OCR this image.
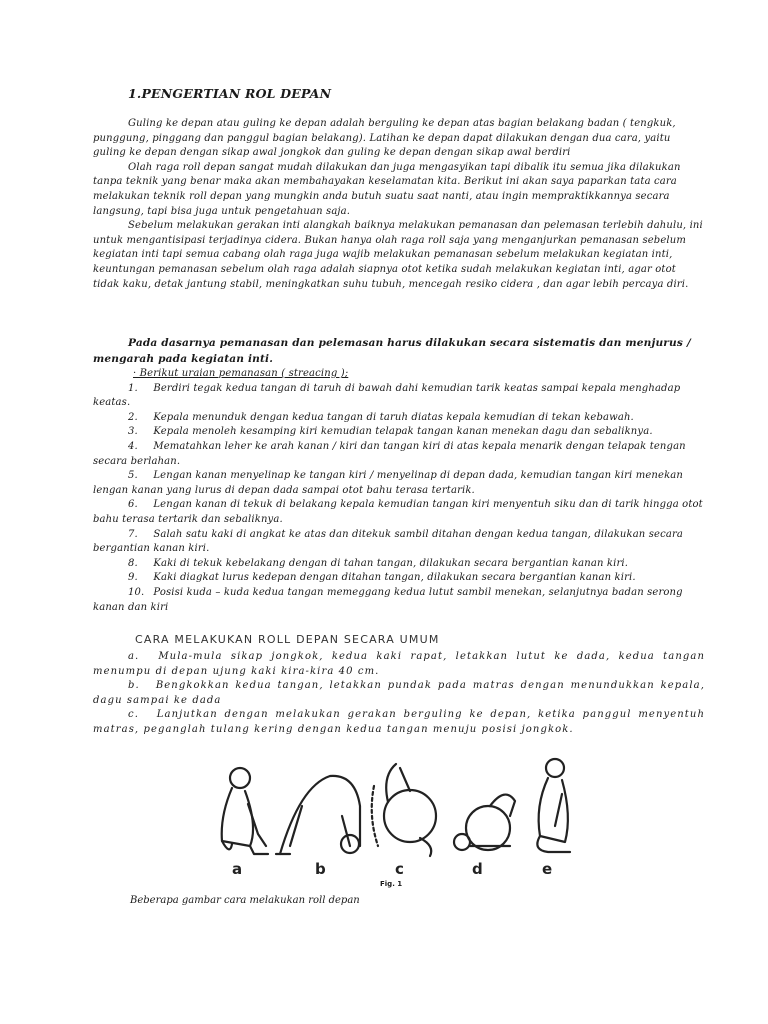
1.PENGERTIAN ROL DEPAN

Guling ke depan atau guling ke depan adalah berguling ke depan atas bagian belakang badan ( tengkuk, punggung, pinggang dan panggul bagian belakang). Latihan ke depan dapat dilakukan dengan dua cara, yaitu guling ke depan dengan sikap awal jongkok dan guling ke depan dengan sikap awal berdiri

Olah raga roll depan sangat mudah dilakukan dan juga mengasyikan tapi dibalik itu semua jika dilakukan tanpa teknik yang benar maka akan membahayakan keselamatan kita. Berikut ini akan saya paparkan tata cara melakukan teknik roll depan yang mungkin anda butuh suatu saat nanti, atau ingin mempraktikkannya secara langsung, tapi bisa juga untuk pengetahuan saja.

Sebelum melakukan gerakan inti alangkah baiknya melakukan pemanasan dan pelemasan terlebih dahulu, ini untuk mengantisipasi terjadinya cidera. Bukan hanya olah raga roll saja yang menganjurkan pemanasan sebelum kegiatan inti tapi semua cabang olah raga juga wajib melakukan pemanasan sebelum melakukan kegiatan inti, keuntungan pemanasan sebelum olah raga adalah siapnya otot ketika sudah melakukan kegiatan inti, agar otot tidak kaku, detak jantung stabil, meningkatkan suhu tubuh, mencegah resiko cidera , dan agar lebih percaya diri.

Pada dasarnya pemanasan dan pelemasan harus dilakukan secara sistematis dan menjurus / mengarah pada kegiatan inti.

· Berikut uraian pemanasan ( streacing );

1. Berdiri tegak kedua tangan di taruh di bawah dahi kemudian tarik keatas sampai kepala menghadap keatas.
2. Kepala menunduk dengan kedua tangan di taruh diatas kepala kemudian di tekan kebawah.
3. Kepala menoleh kesamping kiri kemudian telapak tangan kanan menekan dagu dan sebaliknya.
4. Mematahkan leher ke arah kanan / kiri dan tangan kiri di atas kepala menarik dengan telapak tengan secara berlahan.
5. Lengan kanan menyelinap ke tangan kiri / menyelinap di depan dada, kemudian tangan kiri menekan lengan kanan yang lurus di depan dada sampai otot bahu terasa tertarik.
6. Lengan kanan di tekuk di belakang kepala kemudian tangan kiri menyentuh siku dan di tarik hingga otot bahu terasa tertarik dan sebaliknya.
7. Salah satu kaki di angkat ke atas dan ditekuk sambil ditahan dengan kedua tangan, dilakukan secara bergantian kanan kiri.
8. Kaki di tekuk kebelakang dengan di tahan tangan, dilakukan secara bergantian kanan kiri.
9. Kaki diagkat lurus kedepan dengan ditahan tangan, dilakukan secara bergantian kanan kiri.
10. Posisi kuda – kuda kedua tangan memeggang kedua lutut sambil menekan, selanjutnya badan serong kanan dan kiri
CARA MELAKUKAN ROLL DEPAN SECARA UMUM
a. Mula-mula sikap jongkok, kedua kaki rapat, letakkan lutut ke dada, kedua tangan menumpu di depan ujung kaki kira-kira 40 cm.
b. Bengkokkan kedua tangan, letakkan pundak pada matras dengan menundukkan kepala, dagu sampai ke dada
c. Lanjutkan dengan melakukan gerakan berguling ke depan, ketika panggul menyentuh matras, peganglah tulang kering dengan kedua tangan menuju posisi jongkok.
a	b	c	d	e
Fig. 1
Beberapa gambar cara melakukan roll depan
